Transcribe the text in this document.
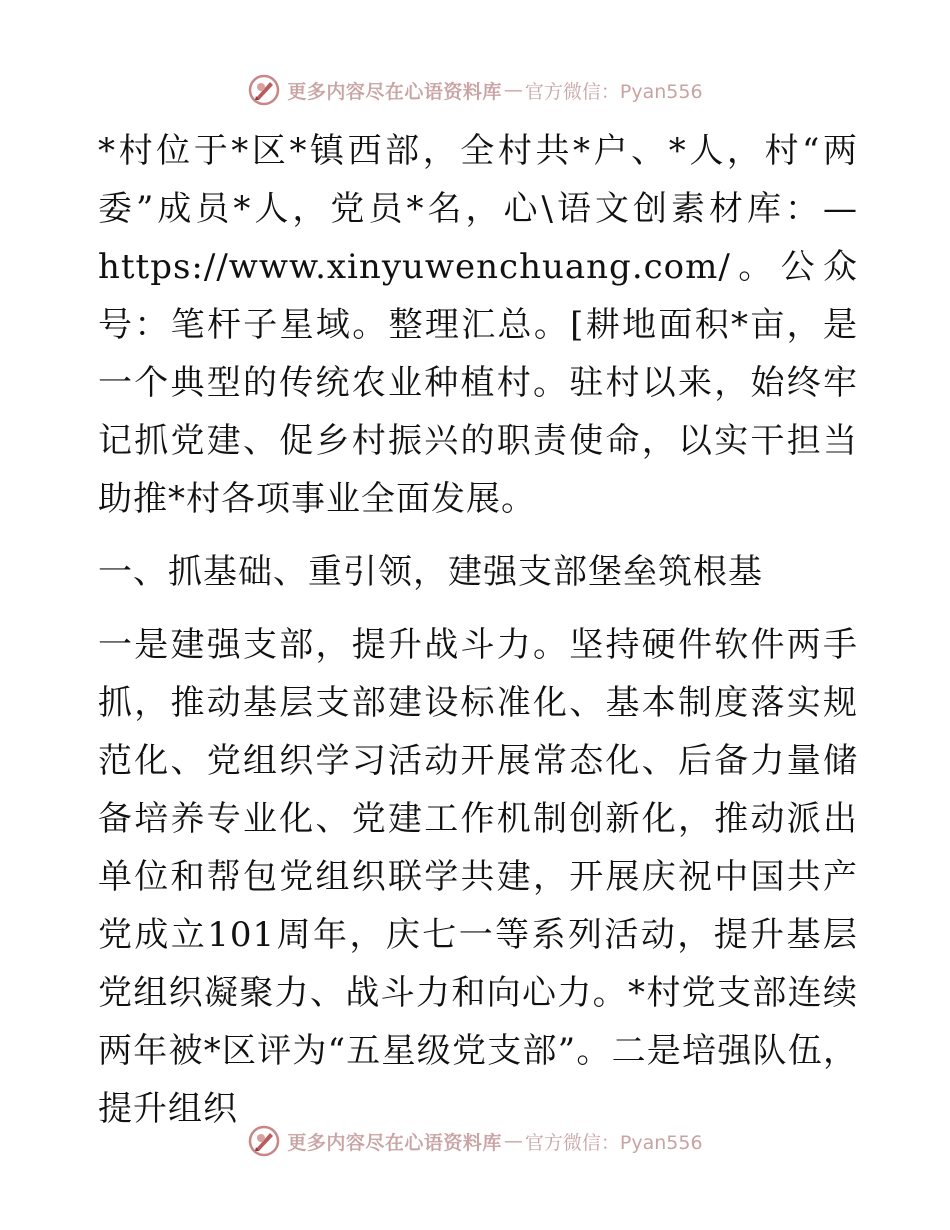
更多内容尽在心语资料库 — 官方微信：Pyan556

*村位于*区*镇西部，全村共*户、*人，村“两委”成员*人，党员*名，心\语文创素材库：—https://www.xinyuwenchuang.com/。公众号：笔杆子星域。整理汇总。[耕地面积*亩，是一个典型的传统农业种植村。驻村以来，始终牢记抓党建、促乡村振兴的职责使命，以实干担当助推*村各项事业全面发展。

一、抓基础、重引领，建强支部堡垒筑根基

一是建强支部，提升战斗力。坚持硬件软件两手抓，推动基层支部建设标准化、基本制度落实规范化、党组织学习活动开展常态化、后备力量储备培养专业化、党建工作机制创新化，推动派出单位和帮包党组织联学共建，开展庆祝中国共产党成立101周年，庆七一等系列活动，提升基层党组织凝聚力、战斗力和向心力。*村党支部连续两年被*区评为“五星级党支部”。二是培强队伍，提升组织

更多内容尽在心语资料库 — 官方微信：Pyan556
